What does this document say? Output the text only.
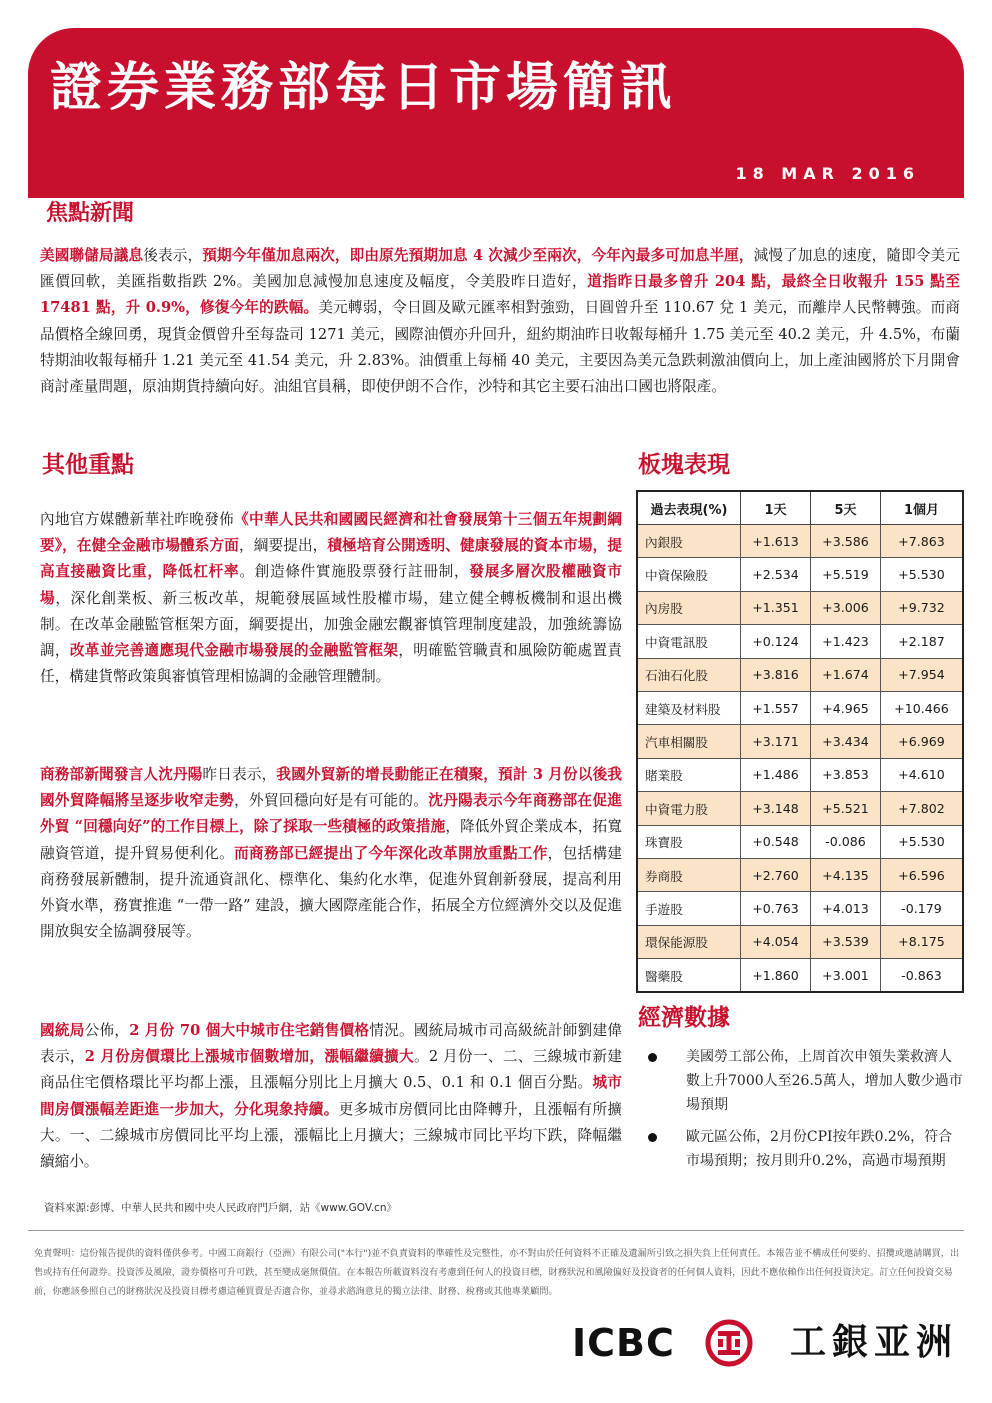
證券業務部每日市場簡訊
18 MAR 2016
焦點新聞
美國聯儲局議息後表示，預期今年僅加息兩次，即由原先預期加息 4 次減少至兩次，今年內最多可加息半厘，減慢了加息的速度，隨即令美元匯價回軟，美匯指數指跌 2%。美國加息減慢加息速度及幅度，令美股昨日造好，道指昨日最多曾升 204 點，最終全日收報升 155 點至 17481 點，升 0.9%，修復今年的跌幅。美元轉弱，令日圓及歐元匯率相對強勁，日圓曾升至 110.67 兌 1 美元，而離岸人民幣轉強。而商品價格全線回勇，現貨金價曾升至每盎司 1271 美元，國際油價亦升回升，紐約期油昨日收報每桶升 1.75 美元至 40.2 美元，升 4.5%，布蘭特期油收報每桶升 1.21 美元至 41.54 美元，升 2.83%。油價重上每桶 40 美元，主要因為美元急跌刺激油價向上，加上產油國將於下月開會商討產量問題，原油期貨持續向好。油組官員稱，即使伊朗不合作，沙特和其它主要石油出口國也將限產。
其他重點
內地官方媒體新華社昨晚發佈《中華人民共和國國民經濟和社會發展第十三個五年規劃綱要》，在健全金融市場體系方面，綱要提出，積極培育公開透明、健康發展的資本市場，提高直接融資比重，降低杠杆率。創造條件實施股票發行註冊制，發展多層次股權融資市場，深化創業板、新三板改革，規範發展區域性股權市場，建立健全轉板機制和退出機制。在改革金融監管框架方面，綱要提出，加強金融宏觀審慎管理制度建設，加強統籌協調，改革並完善適應現代金融市場發展的金融監管框架，明確監管職責和風險防範處置責任，構建貨幣政策與審慎管理相協調的金融管理體制。
商務部新聞發言人沈丹陽昨日表示，我國外貿新的增長動能正在積聚，預計 3 月份以後我國外貿降幅將呈逐步收窄走勢，外貿回穩向好是有可能的。沈丹陽表示今年商務部在促進外貿 “回穩向好”的工作目標上，除了採取一些積極的政策措施，降低外貿企業成本，拓寬融資管道，提升貿易便利化。而商務部已經提出了今年深化改革開放重點工作，包括構建商務發展新體制，提升流通資訊化、標準化、集約化水準，促進外貿創新發展，提高利用外資水準，務實推進 “一帶一路” 建設，擴大國際產能合作，拓展全方位經濟外交以及促進開放與安全協調發展等。
國統局公佈，2 月份 70 個大中城市住宅銷售價格情況。國統局城市司高級統計師劉建偉表示，2 月份房價環比上漲城市個數增加，漲幅繼續擴大。2 月份一、二、三線城市新建商品住宅價格環比平均都上漲，且漲幅分別比上月擴大 0.5、0.1 和 0.1 個百分點。城市間房價漲幅差距進一步加大，分化現象持續。更多城市房價同比由降轉升，且漲幅有所擴大。一、二線城市房價同比平均上漲，漲幅比上月擴大；三線城市同比平均下跌，降幅繼續縮小。
板塊表現
過去表現(%)	1天	5天	1個月
內銀股	+1.613	+3.586	+7.863
中資保險股	+2.534	+5.519	+5.530
內房股	+1.351	+3.006	+9.732
中資電訊股	+0.124	+1.423	+2.187
石油石化股	+3.816	+1.674	+7.954
建築及材料股	+1.557	+4.965	+10.466
汽車相關股	+3.171	+3.434	+6.969
賭業股	+1.486	+3.853	+4.610
中資電力股	+3.148	+5.521	+7.802
珠寶股	+0.548	-0.086	+5.530
券商股	+2.760	+4.135	+6.596
手遊股	+0.763	+4.013	-0.179
環保能源股	+4.054	+3.539	+8.175
醫藥股	+1.860	+3.001	-0.863
經濟數據
美國勞工部公佈，上周首次申領失業救濟人數上升7000人至26.5萬人，增加人數少過市場預期
歐元區公佈，2月份CPI按年跌0.2%，符合市場預期；按月則升0.2%，高過市場預期
資料來源:彭博、中華人民共和國中央人民政府門戶網，站《www.GOV.cn》
免責聲明：這份報告提供的資料僅供參考。中國工商銀行（亞洲）有限公司("本行")並不負責資料的準確性及完整性，亦不對由於任何資料不正確及遺漏所引致之損失負上任何責任。本報告並不構成任何要約、招攬或邀請購買，出售或持有任何證券。投資涉及風險，證券價格可升可跌，甚至變成毫無價值。在本報告所載資料沒有考慮到任何人的投資目標，財務狀況和風險偏好及投資者的任何個人資料，因此不應依賴作出任何投資決定。訂立任何投資交易前，你應該參照自己的財務狀況及投資目標考慮這種買賣是否適合你，並尋求諮詢意見的獨立法律、財務、稅務或其他專業顧問。
ICBC	工銀亚洲
